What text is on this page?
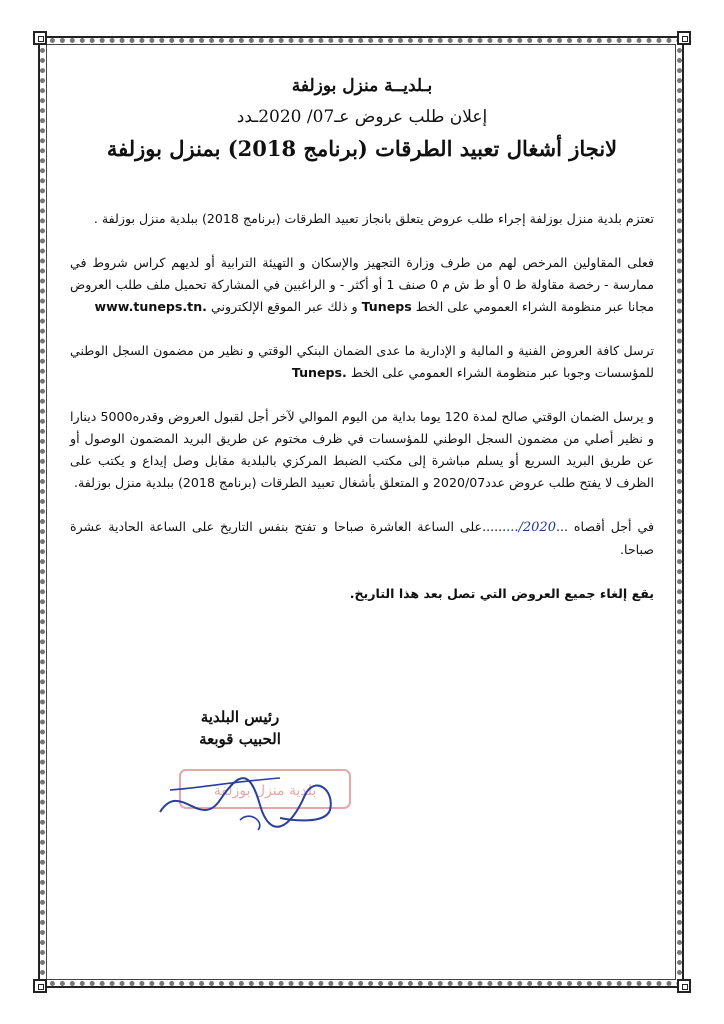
بـلديــة منزل بوزلفة

إعلان طلب عروض عـ07/ 2020ـدد

لانجاز أشغال تعبيد الطرقات (برنامج 2018) بمنزل بوزلفة

تعتزم بلدية منزل بوزلفة إجراء طلب عروض يتعلق بانجاز تعبيد الطرقات (برنامج 2018) ببلدية منزل بوزلفة .

فعلى المقاولين المرخص لهم من طرف وزارة التجهيز والإسكان و التهيئة الترابية أو لديهم كراس شروط في ممارسة - رخصة مقاولة ط 0 أو ط ش م 0 صنف 1 أو أكثر - و الراغبين في المشاركة تحميل ملف طلب العروض مجانا عبر منظومة الشراء العمومي على الخط Tuneps و ذلك عبر الموقع الإلكتروني www.tuneps.tn.

ترسل كافة العروض الفنية و المالية و الإدارية ما عدى الضمان البنكي الوقتي و نظير من مضمون السجل الوطني للمؤسسات وجوبا عبر منظومة الشراء العمومي على الخط Tuneps.

و يرسل الضمان الوقتي صالح لمدة 120 يوما بداية من اليوم الموالي لآخر أجل لقبول العروض وقدره5000 دينارا و نظير أصلي من مضمون السجل الوطني للمؤسسات في ظرف مختوم عن طريق البريد المضمون الوصول أو عن طريق البريد السريع أو يسلم مباشرة إلى مكتب الضبط المركزي بالبلدية مقابل وصل إيداع و يكتب على الظرف لا يفتح طلب عروض عدد2020/07 و المتعلق بأشغال تعبيد الطرقات (برنامج 2018) ببلدية منزل بوزلفة.

في أجل أقصاه ...2020/.........على الساعة العاشرة صباحا و تفتح بنفس التاريخ على الساعة الحادية عشرة صباحا.

يقع إلغاء جميع العروض التي تصل بعد هذا التاريخ.

رئيس البلدية

الحبيب قوبعة

بلدية منزل بوزلفة
